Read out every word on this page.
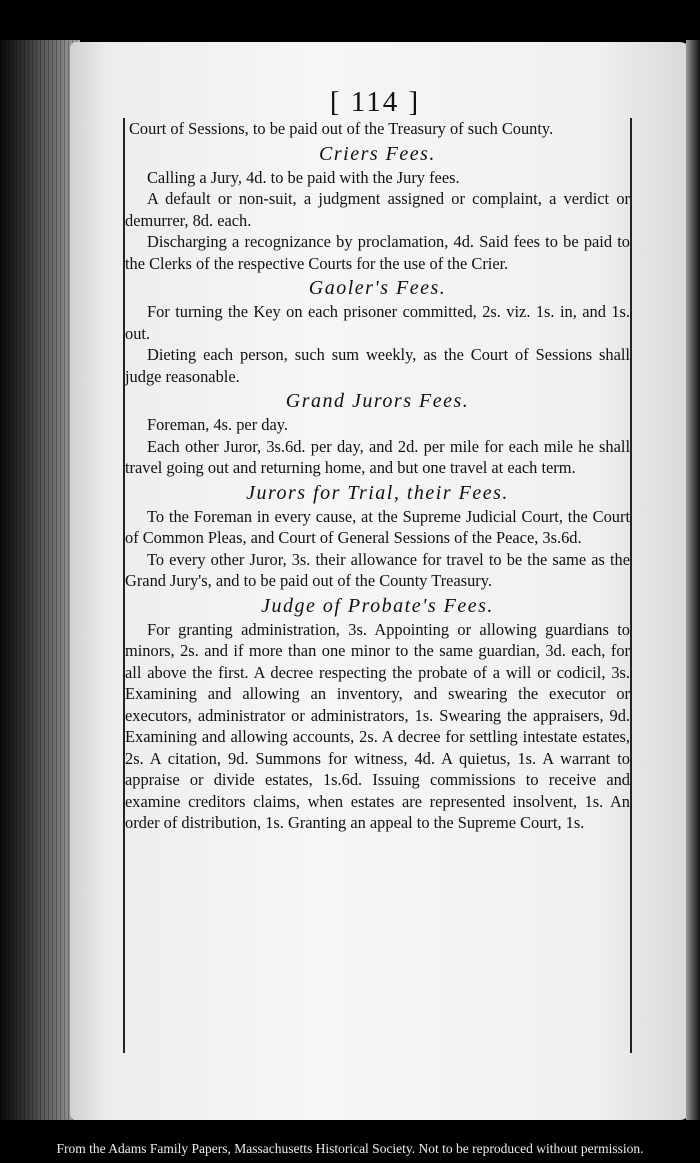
[ 114 ]

Court of Sessions, to be paid out of the Treasury of such County.

Criers Fees.

Calling a Jury, 4d. to be paid with the Jury fees.

A default or non-suit, a judgment assigned or complaint, a verdict or demurrer, 8d. each.

Discharging a recognizance by proclamation, 4d. Said fees to be paid to the Clerks of the respective Courts for the use of the Crier.

Gaoler's Fees.

For turning the Key on each prisoner committed, 2s. viz. 1s. in, and 1s. out.

Dieting each person, such sum weekly, as the Court of Sessions shall judge reasonable.

Grand Jurors Fees.

Foreman, 4s. per day.

Each other Juror, 3s.6d. per day, and 2d. per mile for each mile he shall travel going out and returning home, and but one travel at each term.

Jurors for Trial, their Fees.

To the Foreman in every cause, at the Supreme Judicial Court, the Court of Common Pleas, and Court of General Sessions of the Peace, 3s.6d.

To every other Juror, 3s. their allowance for travel to be the same as the Grand Jury's, and to be paid out of the County Treasury.

Judge of Probate's Fees.

For granting administration, 3s. Appointing or allowing guardians to minors, 2s. and if more than one minor to the same guardian, 3d. each, for all above the first. A decree respecting the probate of a will or codicil, 3s. Examining and allowing an inventory, and swearing the executor or executors, administrator or administrators, 1s. Swearing the appraisers, 9d. Examining and allowing accounts, 2s. A decree for settling intestate estates, 2s. A citation, 9d. Summons for witness, 4d. A quietus, 1s. A warrant to appraise or divide estates, 1s.6d. Issuing commissions to receive and examine creditors claims, when estates are represented insolvent, 1s. An order of distribution, 1s. Granting an appeal to the Supreme Court, 1s.

From the Adams Family Papers, Massachusetts Historical Society. Not to be reproduced without permission.
